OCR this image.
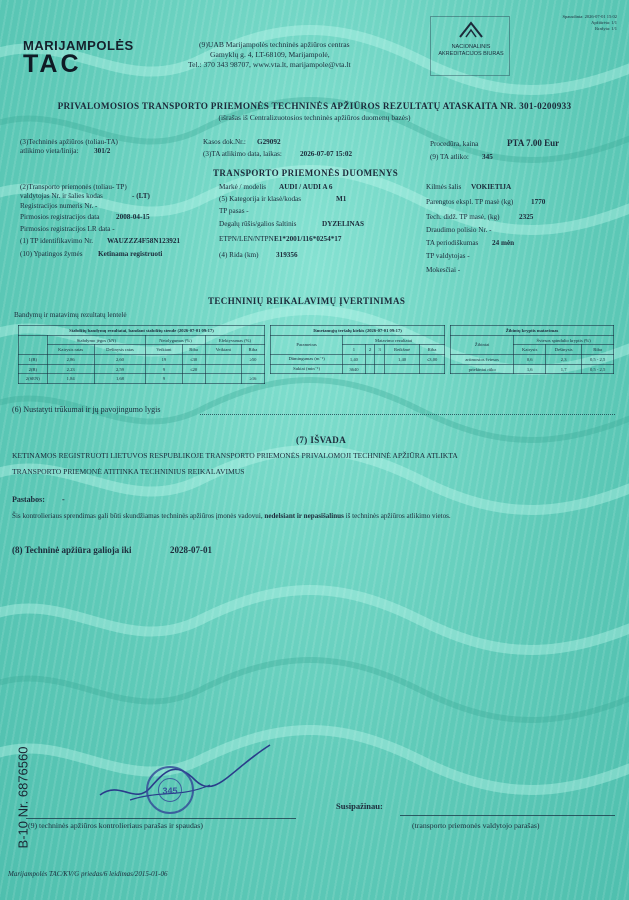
MARIJAMPOLĖS
TAC
(9)UAB Marijampolės techninės apžiūros centras
Gamyklų g. 4, LT-68109, Marijampolė,
Tel.: 370 343 98707, www.vta.lt, marijampole@vta.lt
NACIONALINIS
AKREDITACIJOS BIURAS
Spausdinta: 2026-07-01 15:02
Apžiūrėta: 1/1
Išrašyta: 1/1
PRIVALOMOSIOS TRANSPORTO PRIEMONĖS TECHNINĖS APŽIŪROS REZULTATŲ ATASKAITA NR. 301-0200933
(išrašas iš Centralizuotosios techninės apžiūros duomenų bazės)
(3)Techninės apžiūros (toliau-TA)
atlikimo vieta/linija: 301/2
Kasos dok.Nr.: G29092
(3)TA atlikimo data, laikas:	2026-07-07 15:02
Procedūra, kaina	PTA 7.00 Eur
(9) TA atliko: 345
TRANSPORTO PRIEMONĖS DUOMENYS
(2)Transporto priemonės (toliau- TP)
valdytojas Nr. ir šalies kodas	- (LT)
Registracijos numeris Nr. -
Pirmosios registracijos data 2008-04-15
Pirmosios registracijos LR data -
(1) TP identifikavimo Nr. WAUZZZ4F58N123921
(10) Ypatingos žymės Ketinama registruoti
Markė / modelis AUDI / AUDI A 6
(5) Kategorija ir klasė/kodas	M1
TP pasas -
Degalų rūšis/galios šaltinis	DYZELINAS
ETPN/LEN/NTPN E1*2001/116*0254*17
(4) Rida (km) 319356
Kilmės šalis VOKIETIJA
Parengtos ekspl. TP masė (kg) 1770
Tech. didž. TP masė, (kg)	2325
Draudimo polisio Nr. -
TA periodiškumas 24 mėn
TP valdytojas -
Mokesčiai -
TECHNINIŲ REIKALAVIMŲ ĮVERTINIMAS
Bandymų ir matavimų rezultatų lentelė
Stabdžių bandymų rezultatai, bandant stabdžių stende (2026-07-01 09:17)						
	Stabdymo jėgos (kN)		Netolygumas (%)		Efektyvumas (%)	
	Kairysis ratas	Dešinysis ratas	Veikiant	Riba	Veikiant	Riba
1(B)	2,86	2,60	19	≤30		≥50
2(B)	2,23	2,59	9	≤20		
2(SEN)	1,84	1,68	9			≥16
Išmetamųjų teršalų kiekis (2026-07-01 09:17)					
Parametras	Matavimo rezultatai				
	1	2	3	Reikšmė	Riba
Dūmingumas (m⁻¹)	1,40			1,40	≤3,00
Sukiai (min⁻¹)	3640				
Žibintų kryptis matavimas			
Žibintai	Šviesos spindulio kryptis (%)		
	Kairysis	Dešinysis	Riba
artimosios šviesos	0,6	2,3	0,5 - 2,5
priekiniai rūko	1,6	1,7	0,5 - 2,5
(6) Nustatyti trūkumai ir jų pavojingumo lygis
(7) IŠVADA
KETINAMOS REGISTRUOTI LIETUVOS RESPUBLIKOJE TRANSPORTO PRIEMONĖS PRIVALOMOJI TECHNINĖ APŽIŪRA ATLIKTA
TRANSPORTO PRIEMONĖ ATITINKA TECHNINIUS REIKALAVIMUS
Pastabos: -
Šis kontrolieriaus sprendimas gali būti skundžiamas techninės apžiūros įmonės vadovui, nedelsiant ir nepasišalinus iš techninės apžiūros atlikimo vietos.
(8) Techninė apžiūra galioja iki	2028-07-01
345
Susipažinau:
(9) techninės apžiūros kontrolieriaus parašas ir spaudas)	(transporto priemonės valdytojo parašas)
B-10 Nr. 6876560
Marijampolės TAC/KV/G priedas/6 leidimas/2015-01-06
